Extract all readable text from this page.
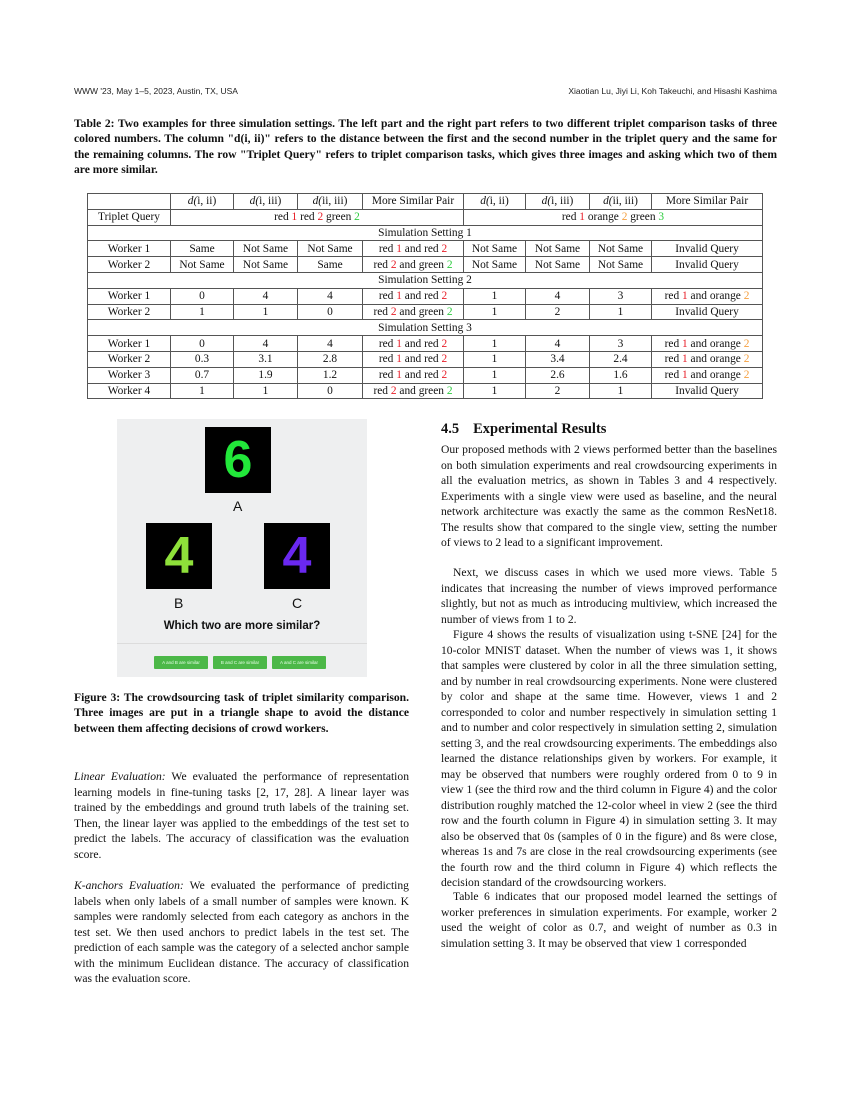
WWW '23, May 1–5, 2023, Austin, TX, USA	Xiaotian Lu, Jiyi Li, Koh Takeuchi, and Hisashi Kashima
Table 2: Two examples for three simulation settings. The left part and the right part refers to two different triplet comparison tasks of three colored numbers. The column "d(i, ii)" refers to the distance between the first and the second number in the triplet query and the same for the remaining columns. The row "Triplet Query" refers to triplet comparison tasks, which gives three images and asking which two of them are more similar.
	d(i, ii)	d(i, iii)	d(ii, iii)	More Similar Pair	d(i, ii)	d(i, iii)	d(ii, iii)	More Similar Pair
Triplet Query	red 1 red 2 green 2				red 1 orange 2 green 3			
Simulation Setting 1								
Worker 1	Same	Not Same	Not Same	red 1 and red 2	Not Same	Not Same	Not Same	Invalid Query
Worker 2	Not Same	Not Same	Same	red 2 and green 2	Not Same	Not Same	Not Same	Invalid Query
Simulation Setting 2								
Worker 1	0	4	4	red 1 and red 2	1	4	3	red 1 and orange 2
Worker 2	1	1	0	red 2 and green 2	1	2	1	Invalid Query
Simulation Setting 3								
Worker 1	0	4	4	red 1 and red 2	1	4	3	red 1 and orange 2
Worker 2	0.3	3.1	2.8	red 1 and red 2	1	3.4	2.4	red 1 and orange 2
Worker 3	0.7	1.9	1.2	red 1 and red 2	1	2.6	1.6	red 1 and orange 2
Worker 4	1	1	0	red 2 and green 2	1	2	1	Invalid Query
6
A
4
B
4
C
Which two are more similar?
A and B are similar	B and C are similar	A and C are similar
Figure 3: The crowdsourcing task of triplet similarity comparison. Three images are put in a triangle shape to avoid the distance between them affecting decisions of crowd workers.
Linear Evaluation: We evaluated the performance of representation learning models in fine-tuning tasks [2, 17, 28]. A linear layer was trained by the embeddings and ground truth labels of the training set. Then, the linear layer was applied to the embeddings of the test set to predict the labels. The accuracy of classification was the evaluation score.
K-anchors Evaluation: We evaluated the performance of predicting labels when only labels of a small number of samples were known. K samples were randomly selected from each category as anchors in the test set. We then used anchors to predict labels in the test set. The prediction of each sample was the category of a selected anchor sample with the minimum Euclidean distance. The accuracy of classification was the evaluation score.
4.5 Experimental Results
Our proposed methods with 2 views performed better than the baselines on both simulation experiments and real crowdsourcing experiments in all the evaluation metrics, as shown in Tables 3 and 4 respectively. Experiments with a single view were used as baseline, and the neural network architecture was exactly the same as the common ResNet18. The results show that compared to the single view, setting the number of views to 2 lead to a significant improvement.
Next, we discuss cases in which we used more views. Table 5 indicates that increasing the number of views improved performance slightly, but not as much as introducing multiview, which increased the number of views from 1 to 2.
Figure 4 shows the results of visualization using t-SNE [24] for the 10-color MNIST dataset. When the number of views was 1, it shows that samples were clustered by color in all the three simulation setting, and by number in real crowdsourcing experiments. None were clustered by color and shape at the same time. However, views 1 and 2 corresponded to color and number respectively in simulation setting 1 and to number and color respectively in simulation setting 2, simulation setting 3, and the real crowdsourcing experiments. The embeddings also learned the distance relationships given by workers. For example, it may be observed that numbers were roughly ordered from 0 to 9 in view 1 (see the third row and the third column in Figure 4) and the color distribution roughly matched the 12-color wheel in view 2 (see the third row and the fourth column in Figure 4) in simulation setting 3. It may also be observed that 0s (samples of 0 in the figure) and 8s were close, whereas 1s and 7s are close in the real crowdsourcing experiments (see the fourth row and the third column in Figure 4) which reflects the decision standard of the crowdsourcing workers.
Table 6 indicates that our proposed model learned the settings of worker preferences in simulation experiments. For example, worker 2 used the weight of color as 0.7, and weight of number as 0.3 in simulation setting 3. It may be observed that view 1 corresponded
